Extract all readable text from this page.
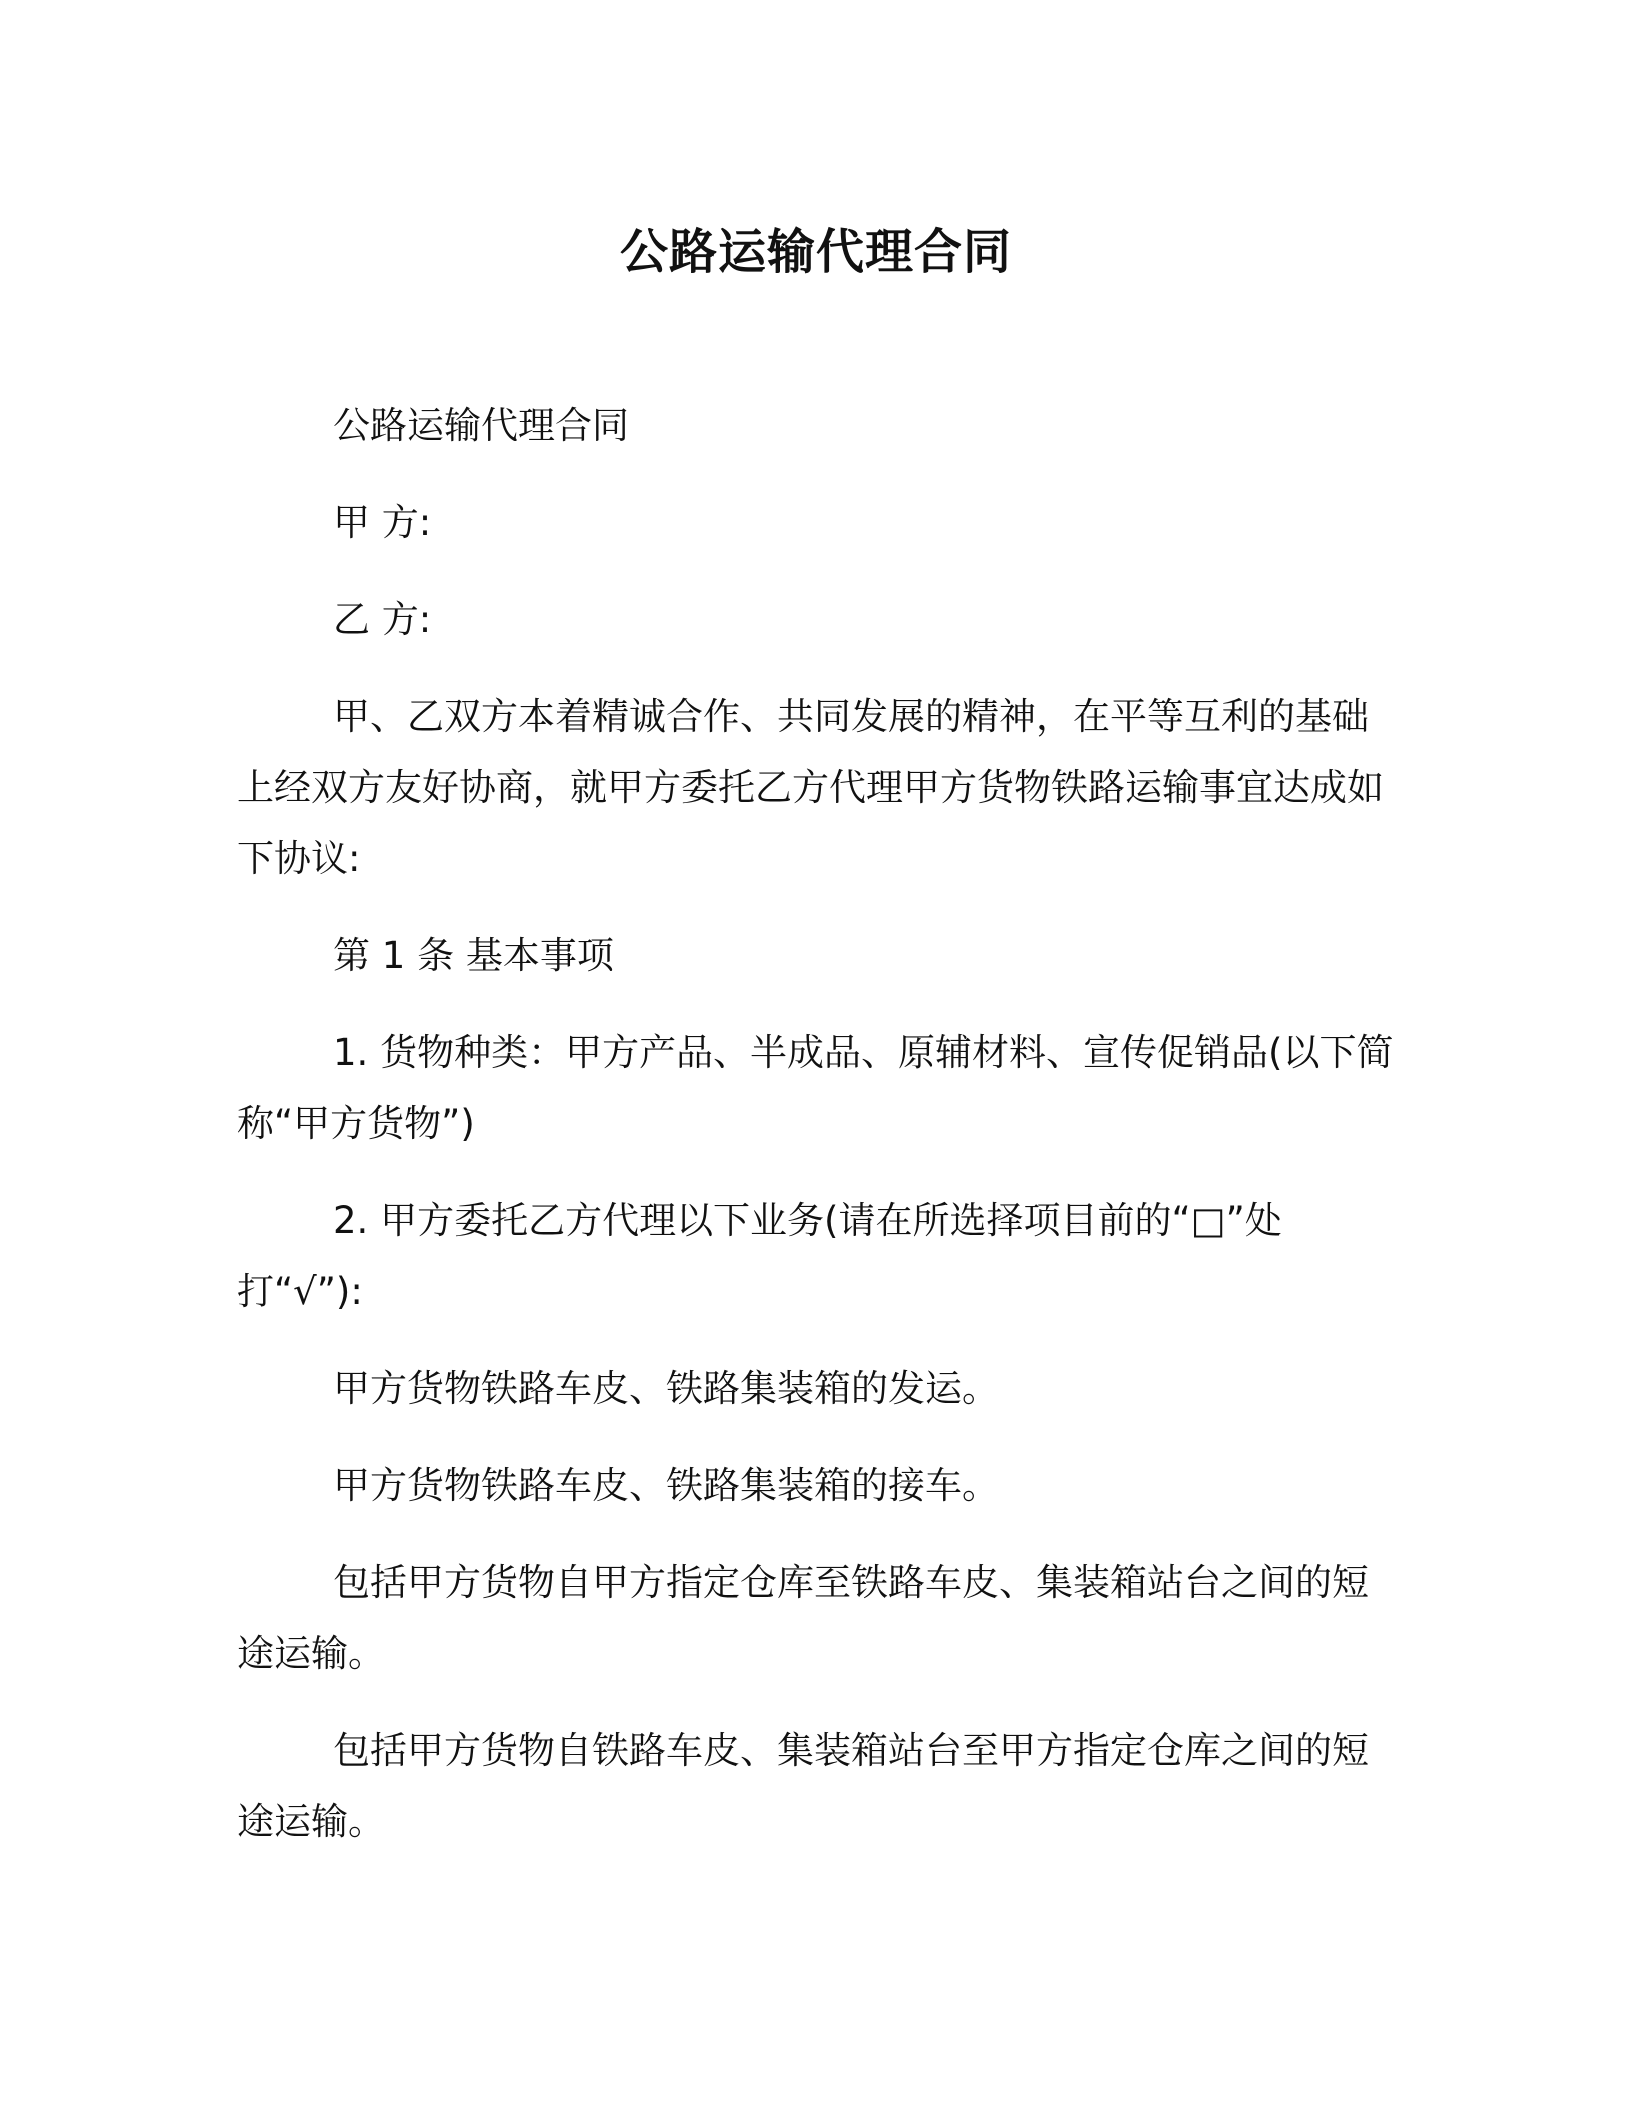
公路运输代理合同

公路运输代理合同

甲 方:

乙 方:

甲、乙双方本着精诚合作、共同发展的精神，在平等互利的基础上经双方友好协商，就甲方委托乙方代理甲方货物铁路运输事宜达成如下协议:

第 1 条 基本事项

1. 货物种类：甲方产品、半成品、原辅材料、宣传促销品(以下简称“甲方货物”)

2. 甲方委托乙方代理以下业务(请在所选择项目前的“□”处打“√”):

甲方货物铁路车皮、铁路集装箱的发运。

甲方货物铁路车皮、铁路集装箱的接车。

包括甲方货物自甲方指定仓库至铁路车皮、集装箱站台之间的短途运输。

包括甲方货物自铁路车皮、集装箱站台至甲方指定仓库之间的短途运输。
